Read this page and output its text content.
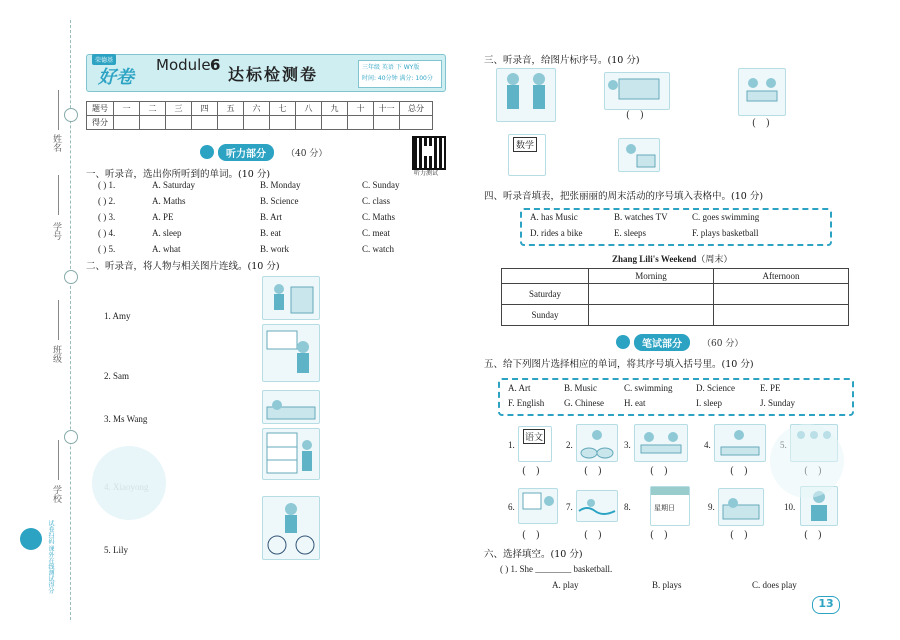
姓名
学号
班级
学校
试卷扫码 课外在线测试得分
荣德基
好卷
Module 6 达标检测卷	三年级 英语 下 WY版
时间: 40分钟 满分: 100分
题号	一	二	三	四	五	六	七	八	九	十	十一	总分
得分												
听力测试
听力部分	（40 分）
一、听录音，选出你所听到的单词。(10 分)
( ) 1.	A. Saturday	B. Monday	C. Sunday
( ) 2.	A. Maths	B. Science	C. class
( ) 3.	A. PE	B. Art	C. Maths
( ) 4.	A. sleep	B. eat	C. meat
( ) 5.	A. what	B. work	C. watch
二、听录音，将人物与相关图片连线。(10 分)
1. Amy
2. Sam
3. Ms Wang
5. Lily
三、听录音，给图片标序号。(10 分)
()
()
数学
四、听录音填表，把张丽丽的周末活动的序号填入表格中。(10 分)
A. has Music	B. watches TV	C. goes swimming
D. rides a bike	E. sleeps	F. plays basketball
Zhang Lili's Weekend（周末）
	Morning	Afternoon
Saturday		
Sunday		
笔试部分	（60 分）
五、给下列图片选择相应的单词，将其序号填入括号里。(10 分)
A. Art	B. Music	C. swimming	D. Science	E. PE
F. English G. Chinese H. eat	I. sleep	J. Sunday
1.
语文
()
2.
()
3.
()
4.
()
6.
()
7.
()
8.	星期日
()
9.
()
10.
()
六、选择填空。(10 分)
( ) 1. She ________ basketball.
A. play	B. plays	C. does play
13
